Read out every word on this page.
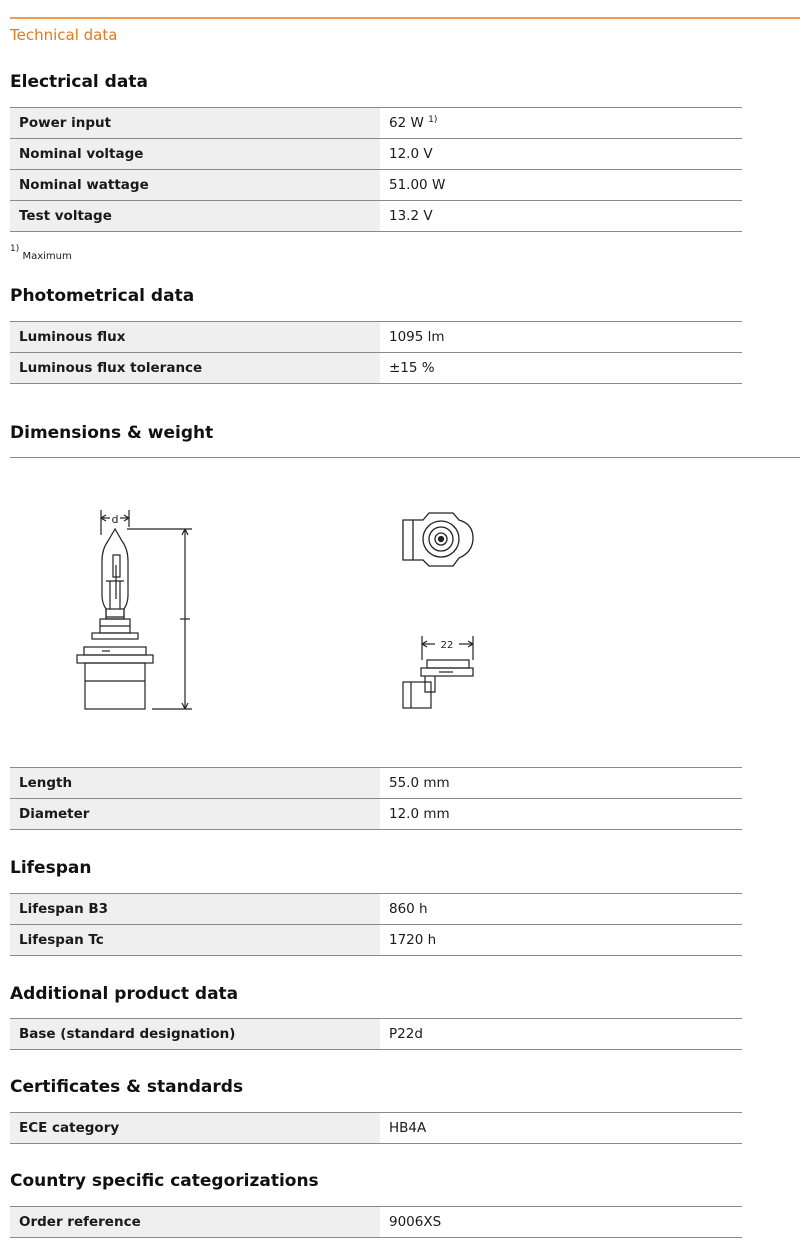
Technical data
Electrical data
Power input	62 W $^{1)}$
Nominal voltage	12.0 V
Nominal wattage	51.00 W
Test voltage	13.2 V
$^{1)}$ Maximum
Photometrical data
Luminous flux	1095 lm
Luminous flux tolerance	±15 %
Dimensions & weight
d
22
Length	55.0 mm
Diameter	12.0 mm
Lifespan
Lifespan B3	860 h
Lifespan Tc	1720 h
Additional product data
Base (standard designation)	P22d
Certificates & standards
ECE category	HB4A
Country specific categorizations
Order reference	9006XS
